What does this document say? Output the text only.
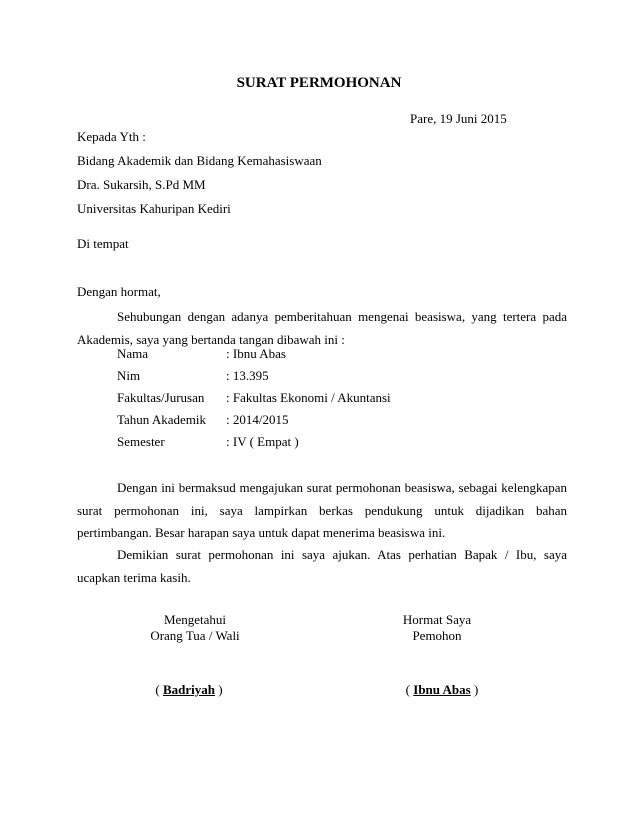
SURAT PERMOHONAN
Pare, 19 Juni 2015
Kepada Yth :
Bidang Akademik dan Bidang Kemahasiswaan
Dra. Sukarsih, S.Pd MM
Universitas Kahuripan Kediri
Di tempat
Dengan hormat,
Sehubungan dengan adanya pemberitahuan mengenai beasiswa, yang tertera pada Akademis, saya yang bertanda tangan dibawah ini :
Nama	: Ibnu Abas
Nim	: 13.395
Fakultas/Jurusan	: Fakultas Ekonomi / Akuntansi
Tahun Akademik	: 2014/2015
Semester	: IV ( Empat )
Dengan ini bermaksud mengajukan surat permohonan beasiswa, sebagai kelengkapan surat permohonan ini, saya lampirkan berkas pendukung untuk dijadikan bahan pertimbangan. Besar harapan saya untuk dapat menerima beasiswa ini.
Demikian surat permohonan ini saya ajukan. Atas perhatian Bapak / Ibu, saya ucapkan terima kasih.
Mengetahui
Orang Tua / Wali
Hormat Saya
Pemohon
( Badriyah )	( Ibnu Abas )
